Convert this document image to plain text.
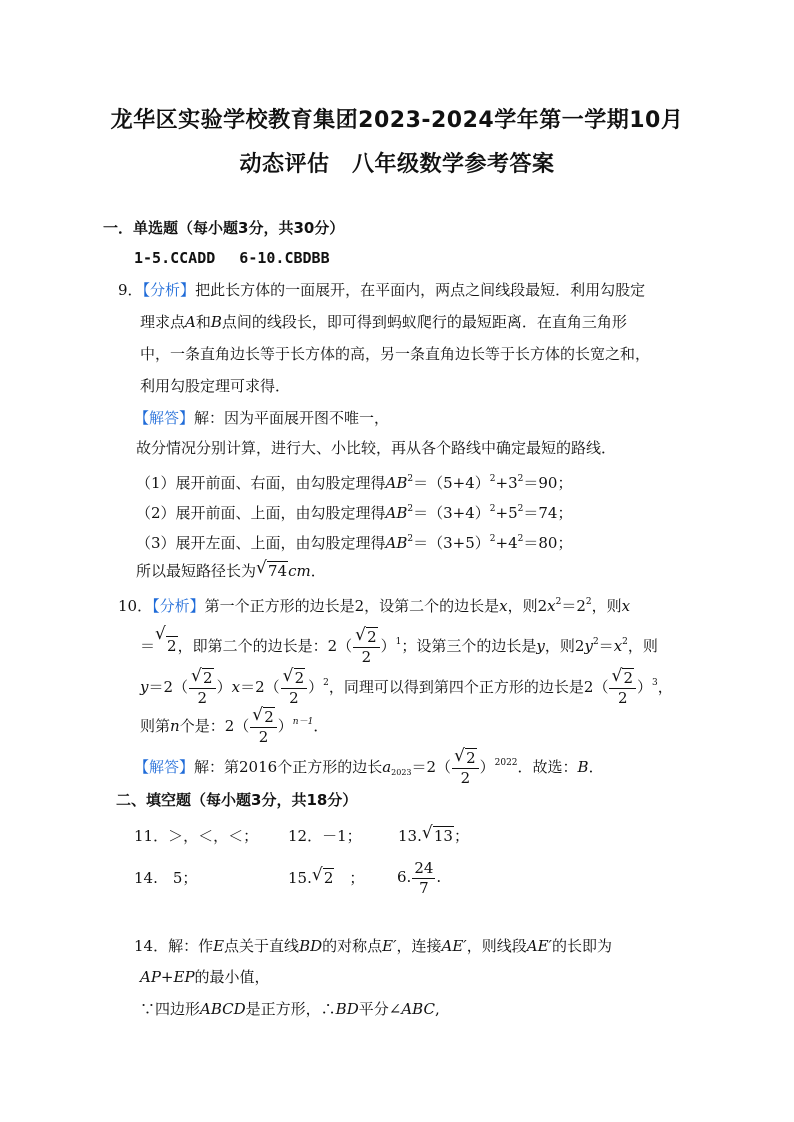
龙华区实验学校教育集团2023-2024学年第一学期10月
动态评估　八年级数学参考答案
一．单选题（每小题3分，共30分）
1-5.CCADD　 6-10.CBDBB
9．【分析】把此长方体的一面展开，在平面内，两点之间线段最短．利用勾股定
理求点A和B点间的线段长，即可得到蚂蚁爬行的最短距离．在直角三角形
中，一条直角边长等于长方体的高，另一条直角边长等于长方体的长宽之和，
利用勾股定理可求得．
【解答】解：因为平面展开图不唯一，
故分情况分别计算，进行大、小比较，再从各个路线中确定最短的路线．
（1）展开前面、右面，由勾股定理得$AB^2=(5+4)^2+3^2=90$；
（2）展开前面、上面，由勾股定理得$AB^2=(3+4)^2+5^2=74$；
（3）展开左面、上面，由勾股定理得$AB^2=(3+5)^2+4^2=80$；
所以最短路径长为 √ 74cm．
10．【分析】第一个正方形的边长是2，设第二个的边长是x，则$2x^2=2^2$，则x
＝
√
2，即第二个的边长是：$2( \frac{√ 2}{2} )^1$；设第三个的边长是y，则$2y^2=x^2$，则
$y=2( \frac{√ 2}{2} )x=2( \frac{√ 2}{2} )^2$，同理可以得到第四个正方形的边长是$2( \frac{√ 2}{2} )^3$，
则第n个是：$2( \frac{√ 2}{2} )^{n-1}$．
【解答】解：第2016个正方形的边长$a_{2023}=2( \frac{√ 2}{2} )^{2022}$．故选：B．
二、填空题（每小题3分，共18分）
11．＞，＜，＜； 12．－1； 13. √ 13；
14.　5；	15. √ 2　； 6. $\frac{24}{7}$ .
14．解：作E点关于直线BD的对称点E′，连接AE′，则线段AE′的长即为
AP+EP的最小值，
∵四边形ABCD是正方形，∴BD平分∠ABC,
